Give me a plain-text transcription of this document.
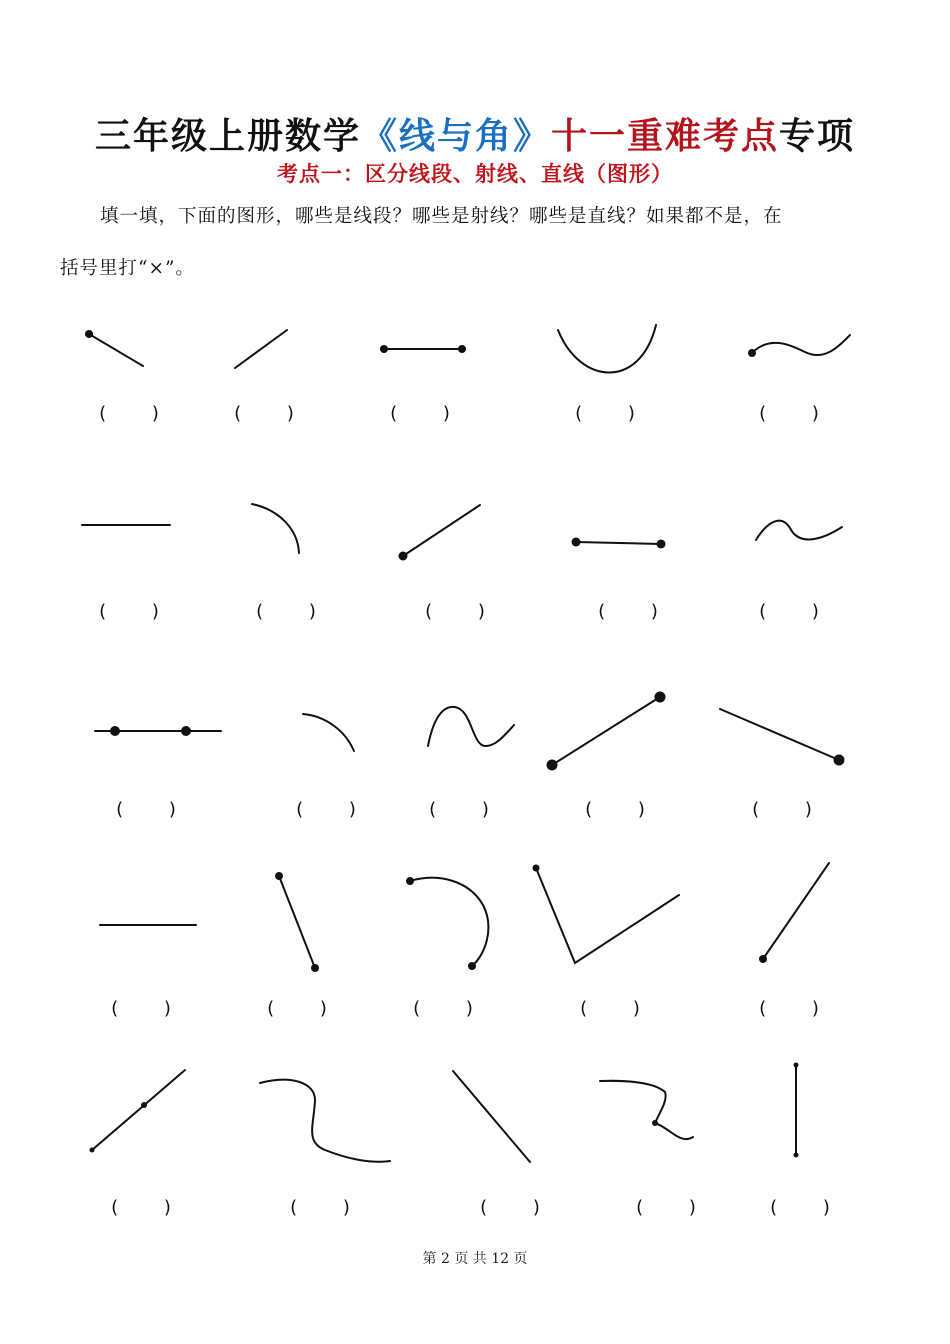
三年级上册数学《线与角》十一重难考点专项
考点一：区分线段、射线、直线（图形）
填一填，下面的图形，哪些是线段？哪些是射线？哪些是直线？如果都不是，在
括号里打“×”。
(        )	(        )	(        )	(        )	(        )
(        )	(        )	(        )	(        )	(        )
(        )	(        )	(        )	(        )	(        )
(        )	(        )	(        )	(        )	(        )
(        )	(        )	(        )	(        )	(        )
第 2 页 共 12 页
